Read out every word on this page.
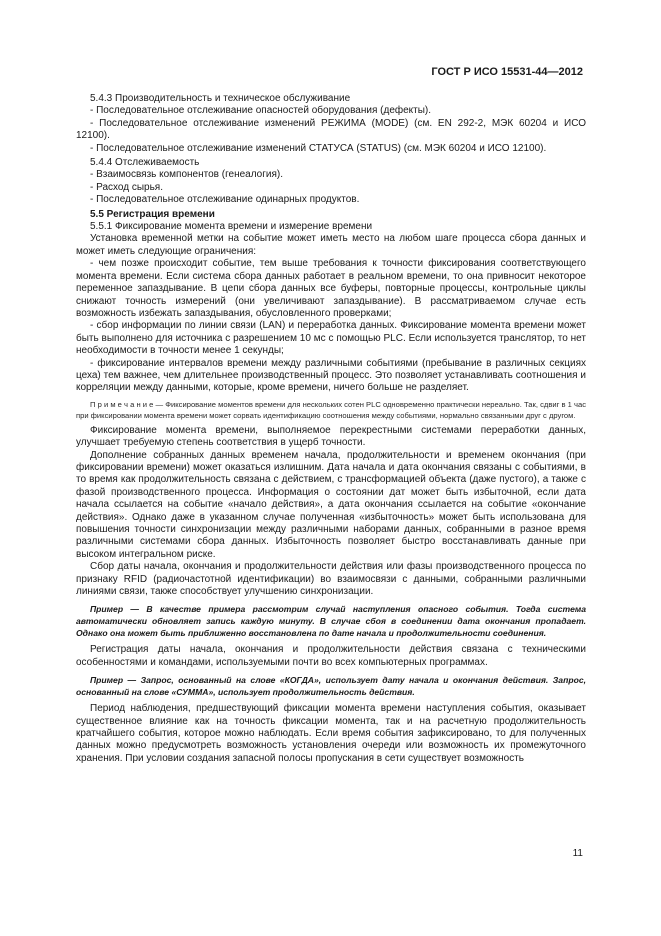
ГОСТ Р ИСО 15531-44—2012

5.4.3 Производительность и техническое обслуживание

- Последовательное отслеживание опасностей оборудования (дефекты).

- Последовательное отслеживание изменений РЕЖИМА (MODE) (см. EN 292-2, МЭК 60204 и ИСО 12100).

- Последовательное отслеживание изменений СТАТУСА (STATUS) (см. МЭК 60204 и ИСО 12100).

5.4.4 Отслеживаемость

- Взаимосвязь компонентов (генеалогия).

- Расход сырья.

- Последовательное отслеживание одинарных продуктов.

5.5 Регистрация времени

5.5.1 Фиксирование момента времени и измерение времени

Установка временной метки на событие может иметь место на любом шаге процесса сбора данных и может иметь следующие ограничения:

- чем позже происходит событие, тем выше требования к точности фиксирования соответствующего момента времени. Если система сбора данных работает в реальном времени, то она привносит некоторое переменное запаздывание. В цепи сбора данных все буферы, повторные процессы, контрольные циклы снижают точность измерений (они увеличивают запаздывание). В рассматриваемом случае есть возможность избежать запаздывания, обусловленного проверками;

- сбор информации по линии связи (LAN) и переработка данных. Фиксирование момента времени может быть выполнено для источника с разрешением 10 мс с помощью PLC. Если используется транслятор, то нет необходимости в точности менее 1 секунды;

- фиксирование интервалов времени между различными событиями (пребывание в различных секциях цеха) тем важнее, чем длительнее производственный процесс. Это позволяет устанавливать соотношения и корреляции между данными, которые, кроме времени, ничего больше не разделяет.

П р и м е ч а н и е — Фиксирование моментов времени для нескольких сотен PLC одновременно практически нереально. Так, сдвиг в 1 час при фиксировании момента времени может сорвать идентификацию соотношения между событиями, нормально связанными друг с другом.

Фиксирование момента времени, выполняемое перекрестными системами переработки данных, улучшает требуемую степень соответствия в ущерб точности.

Дополнение собранных данных временем начала, продолжительности и временем окончания (при фиксировании времени) может оказаться излишним. Дата начала и дата окончания связаны с событиями, в то время как продолжительность связана с действием, с трансформацией объекта (даже пустого), а также с фазой производственного процесса. Информация о состоянии дат может быть избыточной, если дата начала ссылается на событие «начало действия», а дата окончания ссылается на событие «окончание действия». Однако даже в указанном случае полученная «избыточность» может быть использована для повышения точности синхронизации между различными наборами данных, собранными в разное время различными системами сбора данных. Избыточность позволяет быстро восстанавливать данные при высоком интегральном риске.

Сбор даты начала, окончания и продолжительности действия или фазы производственного процесса по признаку RFID (радиочастотной идентификации) во взаимосвязи с данными, собранными различными линиями связи, также способствует улучшению синхронизации.

Пример — В качестве примера рассмотрим случай наступления опасного события. Тогда система автоматически обновляет запись каждую минуту. В случае сбоя в соединении дата окончания пропадает. Однако она может быть приближенно восстановлена по дате начала и продолжительности соединения.

Регистрация даты начала, окончания и продолжительности действия связана с техническими особенностями и командами, используемыми почти во всех компьютерных программах.

Пример — Запрос, основанный на слове «КОГДА», использует дату начала и окончания действия. Запрос, основанный на слове «СУММА», использует продолжительность действия.

Период наблюдения, предшествующий фиксации момента времени наступления события, оказывает существенное влияние как на точность фиксации момента, так и на расчетную продолжительность кратчайшего события, которое можно наблюдать. Если время события зафиксировано, то для полученных данных можно предусмотреть возможность установления очереди или возможность их промежуточного хранения. При условии создания запасной полосы пропускания в сети существует возможность

11
